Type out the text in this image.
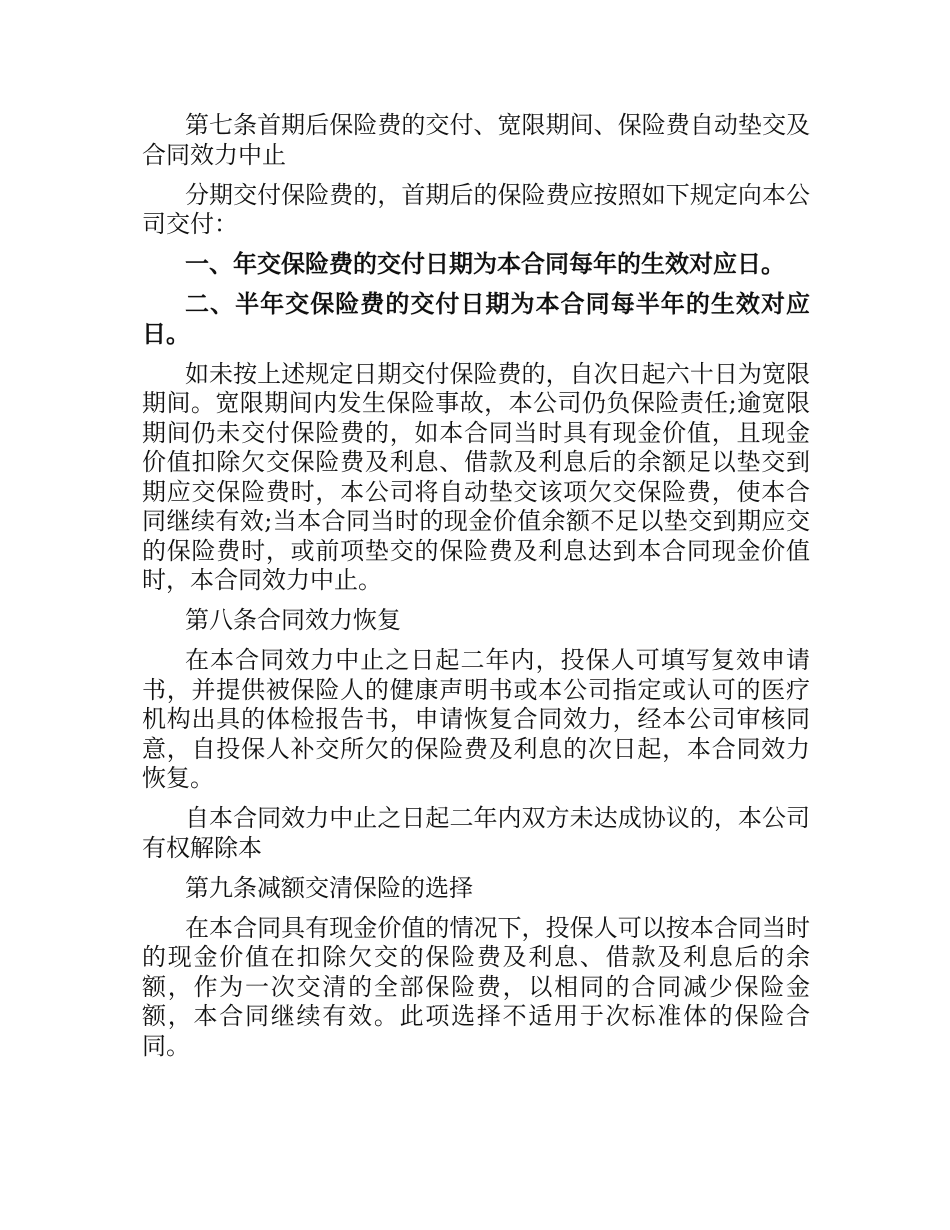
第七条首期后保险费的交付、宽限期间、保险费自动垫交及合同效力中止

分期交付保险费的，首期后的保险费应按照如下规定向本公司交付：

一、年交保险费的交付日期为本合同每年的生效对应日。

二、半年交保险费的交付日期为本合同每半年的生效对应日。

如未按上述规定日期交付保险费的，自次日起六十日为宽限期间。宽限期间内发生保险事故，本公司仍负保险责任;逾宽限期间仍未交付保险费的，如本合同当时具有现金价值，且现金价值扣除欠交保险费及利息、借款及利息后的余额足以垫交到期应交保险费时，本公司将自动垫交该项欠交保险费，使本合同继续有效;当本合同当时的现金价值余额不足以垫交到期应交的保险费时，或前项垫交的保险费及利息达到本合同现金价值时，本合同效力中止。

第八条合同效力恢复

在本合同效力中止之日起二年内，投保人可填写复效申请书，并提供被保险人的健康声明书或本公司指定或认可的医疗机构出具的体检报告书，申请恢复合同效力，经本公司审核同意，自投保人补交所欠的保险费及利息的次日起，本合同效力恢复。

自本合同效力中止之日起二年内双方未达成协议的，本公司有权解除本

第九条减额交清保险的选择

在本合同具有现金价值的情况下，投保人可以按本合同当时的现金价值在扣除欠交的保险费及利息、借款及利息后的余额，作为一次交清的全部保险费，以相同的合同减少保险金额，本合同继续有效。此项选择不适用于次标准体的保险合同。
